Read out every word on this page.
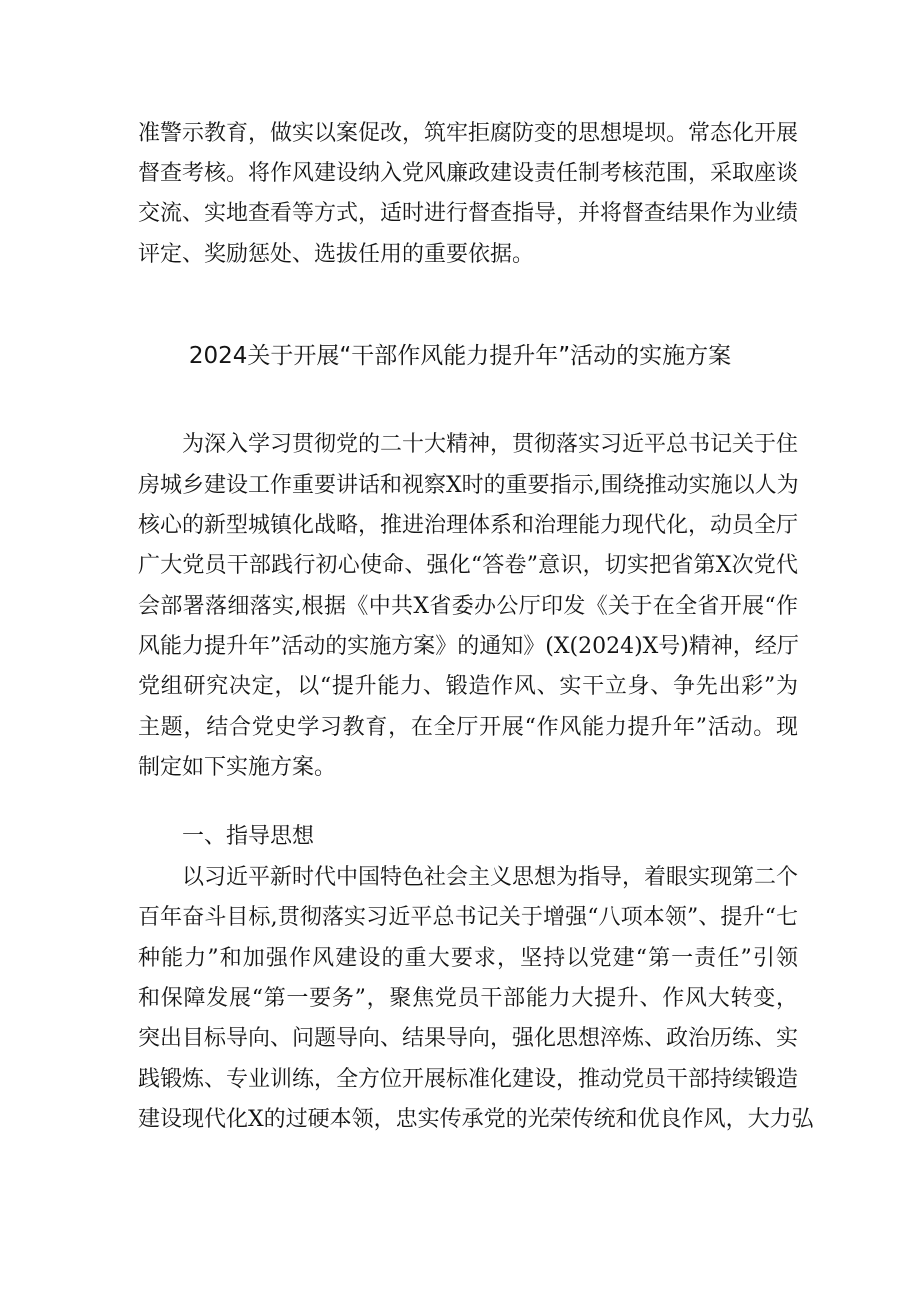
准警示教育，做实以案促改，筑牢拒腐防变的思想堤坝。常态化开展
督查考核。将作风建设纳入党风廉政建设责任制考核范围，采取座谈
交流、实地查看等方式，适时进行督查指导，并将督查结果作为业绩
评定、奖励惩处、选拔任用的重要依据。
2024关于开展“干部作风能力提升年”活动的实施方案
为深入学习贯彻党的二十大精神，贯彻落实习近平总书记关于住
房城乡建设工作重要讲话和视察X时的重要指示,围绕推动实施以人为
核心的新型城镇化战略，推进治理体系和治理能力现代化，动员全厅
广大党员干部践行初心使命、强化“答卷”意识，切实把省第X次党代
会部署落细落实,根据《中共X省委办公厅印发《关于在全省开展“作
风能力提升年”活动的实施方案》的通知》(X(2024)X号)精神，经厅
党组研究决定，以“提升能力、锻造作风、实干立身、争先出彩”为
主题，结合党史学习教育，在全厅开展“作风能力提升年”活动。现
制定如下实施方案。
一、指导思想
以习近平新时代中国特色社会主义思想为指导，着眼实现第二个
百年奋斗目标,贯彻落实习近平总书记关于增强“八项本领”、提升“七
种能力”和加强作风建设的重大要求，坚持以党建“第一责任”引领
和保障发展“第一要务”，聚焦党员干部能力大提升、作风大转变，
突出目标导向、问题导向、结果导向，强化思想淬炼、政治历练、实
践锻炼、专业训练，全方位开展标准化建设，推动党员干部持续锻造
建设现代化X的过硬本领，忠实传承党的光荣传统和优良作风，大力弘
